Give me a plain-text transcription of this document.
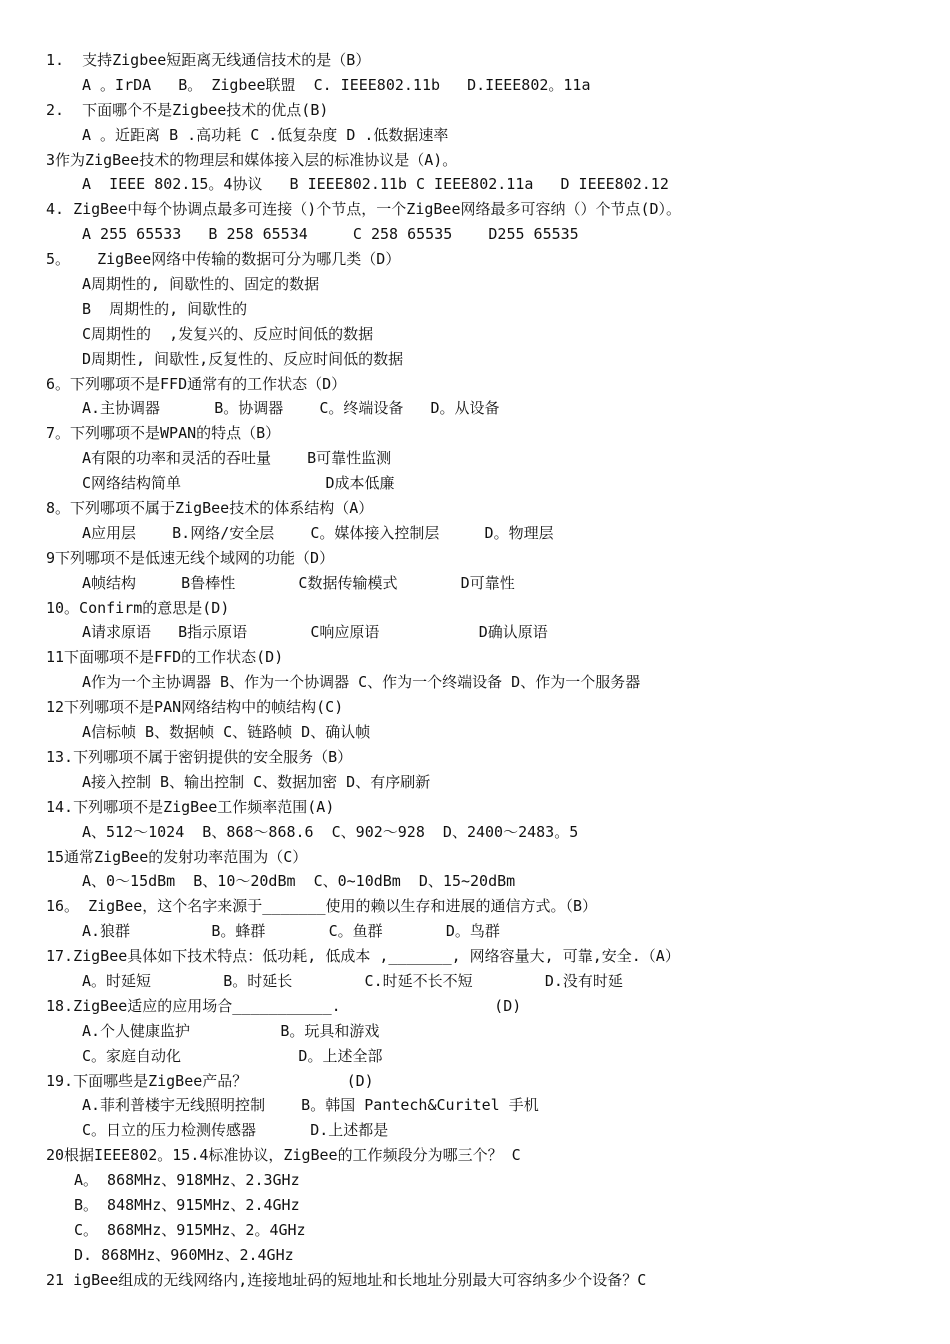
1.  支持Zigbee短距离无线通信技术的是（B）
A 。IrDA   B。 Zigbee联盟  C. IEEE802.11b   D.IEEE802。11a
2.  下面哪个不是Zigbee技术的优点(B)
A 。近距离 B .高功耗 C .低复杂度 D .低数据速率
3作为ZigBee技术的物理层和媒体接入层的标准协议是（A)。
A  IEEE 802.15。4协议   B IEEE802.11b C IEEE802.11a   D IEEE802.12
4. ZigBee中每个协调点最多可连接（)个节点，一个ZigBee网络最多可容纳（）个节点(D）。
A 255 65533   B 258 65534     C 258 65535    D255 65535
5。   ZigBee网络中传输的数据可分为哪几类（D）
A周期性的, 间歇性的、固定的数据
B  周期性的, 间歇性的
C周期性的  ,发复兴的、反应时间低的数据
D周期性, 间歇性,反复性的、反应时间低的数据
6。下列哪项不是FFD通常有的工作状态（D）
A.主协调器      B。协调器    C。终端设备   D。从设备
7。下列哪项不是WPAN的特点（B）
A有限的功率和灵活的吞吐量    B可靠性监测
C网络结构简单                D成本低廉
8。下列哪项不属于ZigBee技术的体系结构（A）
A应用层    B.网络/安全层    C。媒体接入控制层     D。物理层
9下列哪项不是低速无线个域网的功能（D）
A帧结构     B鲁棒性       C数据传输模式       D可靠性
10。Confirm的意思是(D)
A请求原语   B指示原语       C响应原语           D确认原语
11下面哪项不是FFD的工作状态(D)
A作为一个主协调器 B、作为一个协调器 C、作为一个终端设备 D、作为一个服务器
12下列哪项不是PAN网络结构中的帧结构(C)
A信标帧 B、数据帧 C、链路帧 D、确认帧
13.下列哪项不属于密钥提供的安全服务（B）
A接入控制 B、输出控制 C、数据加密 D、有序刷新
14.下列哪项不是ZigBee工作频率范围(A)
A、512～1024  B、868～868.6  C、902～928  D、2400～2483。5
15通常ZigBee的发射功率范围为（C）
A、0～15dBm  B、10～20dBm  C、0~10dBm  D、15~20dBm
16。 ZigBee，这个名字来源于_______使用的赖以生存和进展的通信方式。（B）
A.狼群         B。蜂群       C。鱼群       D。鸟群
17.ZigBee具体如下技术特点：低功耗, 低成本 ,_______, 网络容量大, 可靠,安全.（A）
A。时延短        B。时延长        C.时延不长不短        D.没有时延
18.ZigBee适应的应用场合___________.                 (D)
A.个人健康监护          B。玩具和游戏
C。家庭自动化             D。上述全部
19.下面哪些是ZigBee产品？           (D)
A.菲利普楼宇无线照明控制    B。韩国 Pantech&Curitel 手机
C。日立的压力检测传感器      D.上述都是
20根据IEEE802。15.4标准协议，ZigBee的工作频段分为哪三个？ C
A。 868MHz、918MHz、2.3GHz
B。 848MHz、915MHz、2.4GHz
C。 868MHz、915MHz、2。4GHz
D. 868MHz、960MHz、2.4GHz
21 igBee组成的无线网络内,连接地址码的短地址和长地址分别最大可容纳多少个设备？C
